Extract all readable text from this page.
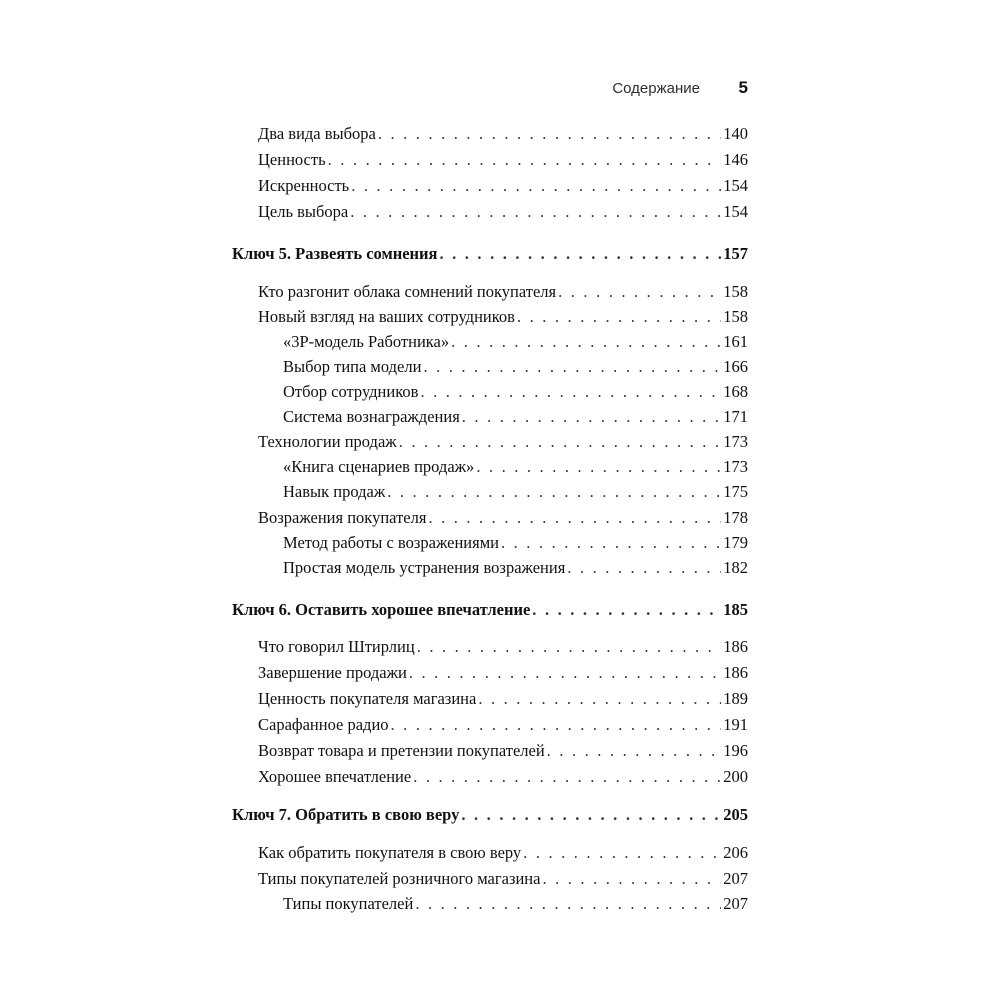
Содержание 5
Два вида выбора . . .	140
Ценность . . .	146
Искренность . . .	154
Цель выбора . . .	154
Ключ 5. Развеять сомнения . . .	157
Кто разгонит облака сомнений покупателя . . .	158
Новый взгляд на ваших сотрудников . . .	158
«3Р-модель Работника» . . .	161
Выбор типа модели . . .	166
Отбор сотрудников . . .	168
Система вознаграждения . . .	171
Технологии продаж . . .	173
«Книга сценариев продаж» . . .	173
Навык продаж . . .	175
Возражения покупателя . . .	178
Метод работы с возражениями . . .	179
Простая модель устранения возражения . . .	182
Ключ 6. Оставить хорошее впечатление . . .	185
Что говорил Штирлиц . . .	186
Завершение продажи . . .	186
Ценность покупателя магазина . . .	189
Сарафанное радио . . .	191
Возврат товара и претензии покупателей . . .	196
Хорошее впечатление . . .	200
Ключ 7. Обратить в свою веру . . .	205
Как обратить покупателя в свою веру . . .	206
Типы покупателей розничного магазина . . .	207
Типы покупателей . . .	207
